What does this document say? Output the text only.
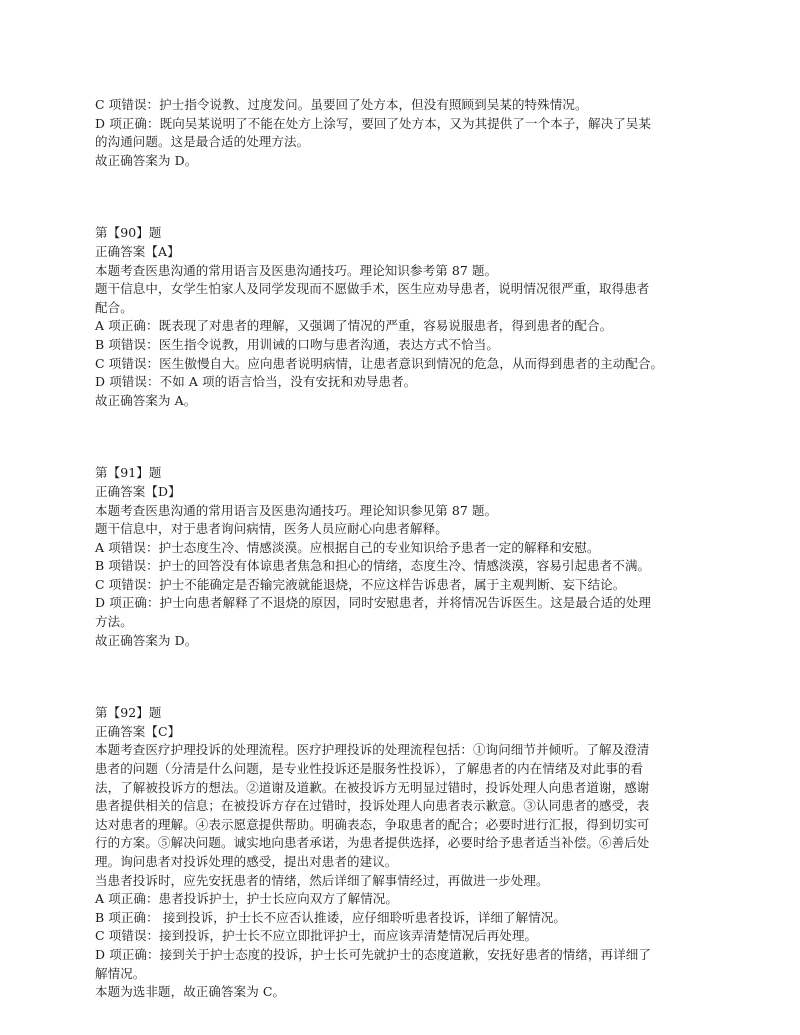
C 项错误：护士指令说教、过度发问。虽要回了处方本，但没有照顾到吴某的特殊情况。
D 项正确：既向吴某说明了不能在处方上涂写，要回了处方本，又为其提供了一个本子，解决了吴某
的沟通问题。这是最合适的处理方法。
故正确答案为 D。
第【90】题
正确答案【A】
本题考查医患沟通的常用语言及医患沟通技巧。理论知识参考第 87 题。
题干信息中，女学生怕家人及同学发现而不愿做手术，医生应劝导患者，说明情况很严重，取得患者
配合。
A 项正确：既表现了对患者的理解，又强调了情况的严重，容易说服患者，得到患者的配合。
B 项错误：医生指令说教，用训诫的口吻与患者沟通，表达方式不恰当。
C 项错误：医生傲慢自大。应向患者说明病情，让患者意识到情况的危急，从而得到患者的主动配合。
D 项错误：不如 A 项的语言恰当，没有安抚和劝导患者。
故正确答案为 A。
第【91】题
正确答案【D】
本题考查医患沟通的常用语言及医患沟通技巧。理论知识参见第 87 题。
题干信息中，对于患者询问病情，医务人员应耐心向患者解释。
A 项错误：护士态度生冷、情感淡漠。应根据自己的专业知识给予患者一定的解释和安慰。
B 项错误：护士的回答没有体谅患者焦急和担心的情绪，态度生冷、情感淡漠，容易引起患者不满。
C 项错误：护士不能确定是否输完液就能退烧，不应这样告诉患者，属于主观判断、妄下结论。
D 项正确：护士向患者解释了不退烧的原因，同时安慰患者，并将情况告诉医生。这是最合适的处理
方法。
故正确答案为 D。
第【92】题
正确答案【C】
本题考查医疗护理投诉的处理流程。医疗护理投诉的处理流程包括：①询问细节并倾听。了解及澄清
患者的问题（分清是什么问题，是专业性投诉还是服务性投诉），了解患者的内在情绪及对此事的看
法，了解被投诉方的想法。②道谢及道歉。在被投诉方无明显过错时，投诉处理人向患者道谢，感谢
患者提供相关的信息；在被投诉方存在过错时，投诉处理人向患者表示歉意。③认同患者的感受，表
达对患者的理解。④表示愿意提供帮助。明确表态，争取患者的配合；必要时进行汇报，得到切实可
行的方案。⑤解决问题。诚实地向患者承诺，为患者提供选择，必要时给予患者适当补偿。⑥善后处
理。询问患者对投诉处理的感受，提出对患者的建议。
当患者投诉时，应先安抚患者的情绪，然后详细了解事情经过，再做进一步处理。
A 项正确：患者投诉护士，护士长应向双方了解情况。
B 项正确： 接到投诉，护士长不应否认推诿，应仔细聆听患者投诉，详细了解情况。
C 项错误：接到投诉，护士长不应立即批评护士，而应该弄清楚情况后再处理。
D 项正确：接到关于护士态度的投诉，护士长可先就护士的态度道歉，安抚好患者的情绪，再详细了
解情况。
本题为选非题，故正确答案为 C。
